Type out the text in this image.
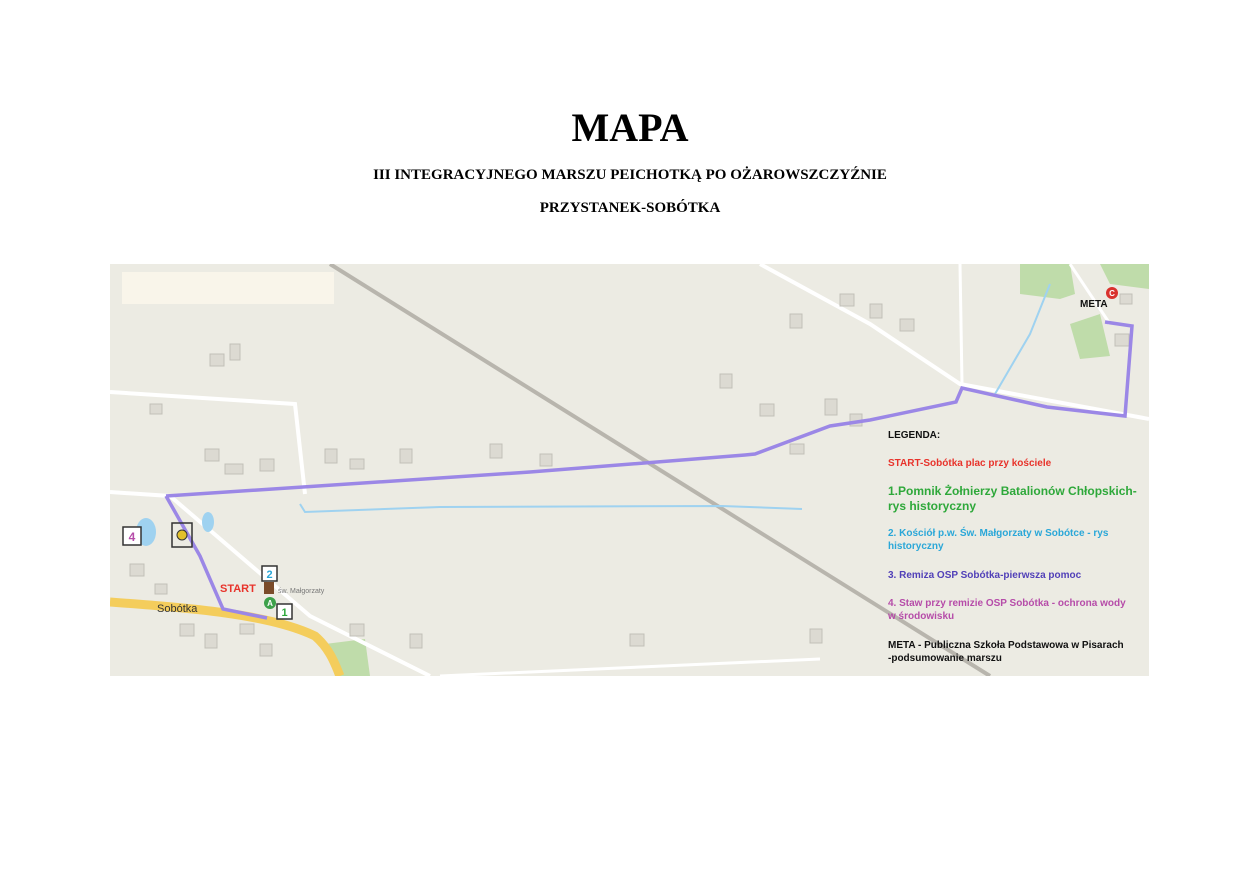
MAPA
III INTEGRACYJNEGO MARSZU PEICHOTKĄ PO OŻAROWSZCZYŹNIE
PRZYSTANEK-SOBÓTKA
A
C
4
2
1
Sobótka
św. Małgorzaty
START
META
LEGENDA:
START-Sobótka plac przy kościele
1.Pomnik Żołnierzy Batalionów Chłopskich-rys historyczny
2. Kościół p.w. Św. Małgorzaty w Sobótce - rys historyczny
3. Remiza OSP Sobótka-pierwsza pomoc
4. Staw przy remizie OSP Sobótka - ochrona wody w środowisku
META - Publiczna Szkoła Podstawowa w Pisarach -podsumowanie marszu
